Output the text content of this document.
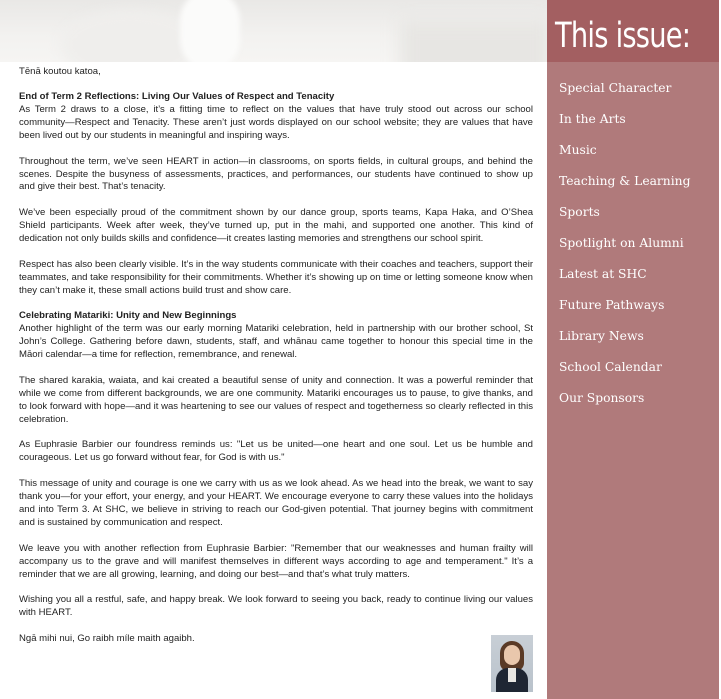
Tēnā koutou katoa,

End of Term 2 Reflections: Living Our Values of Respect and Tenacity

As Term 2 draws to a close, it’s a fitting time to reflect on the values that have truly stood out across our school community—Respect and Tenacity. These aren’t just words displayed on our school website; they are values that have been lived out by our students in meaningful and inspiring ways.

Throughout the term, we’ve seen HEART in action—in classrooms, on sports fields, in cultural groups, and behind the scenes. Despite the busyness of assessments, practices, and performances, our students have continued to show up and give their best. That’s tenacity.

We’ve been especially proud of the commitment shown by our dance group, sports teams, Kapa Haka, and O’Shea Shield participants. Week after week, they’ve turned up, put in the mahi, and supported one another. This kind of dedication not only builds skills and confidence—it creates lasting memories and strengthens our school spirit.

Respect has also been clearly visible. It’s in the way students communicate with their coaches and teachers, support their teammates, and take responsibility for their commitments. Whether it’s showing up on time or letting someone know when they can’t make it, these small actions build trust and show care.

Celebrating Matariki: Unity and New Beginnings

Another highlight of the term was our early morning Matariki celebration, held in partnership with our brother school, St John’s College. Gathering before dawn, students, staff, and whānau came together to honour this special time in the Māori calendar—a time for reflection, remembrance, and renewal.

The shared karakia, waiata, and kai created a beautiful sense of unity and connection. It was a powerful reminder that while we come from different backgrounds, we are one community. Matariki encourages us to pause, to give thanks, and to look forward with hope—and it was heartening to see our values of respect and togetherness so clearly reflected in this celebration.

As Euphrasie Barbier our foundress reminds us: "Let us be united—one heart and one soul. Let us be humble and courageous. Let us go forward without fear, for God is with us."

This message of unity and courage is one we carry with us as we look ahead. As we head into the break, we want to say thank you—for your effort, your energy, and your HEART. We encourage everyone to carry these values into the holidays and into Term 3. At SHC, we believe in striving to reach our God-given potential. That journey begins with commitment and is sustained by communication and respect.

We leave you with another reflection from Euphrasie Barbier: "Remember that our weaknesses and human frailty will accompany us to the grave and will manifest themselves in different ways according to age and temperament." It’s a reminder that we are all growing, learning, and doing our best—and that’s what truly matters.

Wishing you all a restful, safe, and happy break. We look forward to seeing you back, ready to continue living our values with HEART.

Ngā mihi nui, Go raibh míle maith agaibh.

This issue:
Special Character
In the Arts
Music
Teaching & Learning
Sports
Spotlight on Alumni
Latest at SHC
Future Pathways
Library News
School Calendar
Our Sponsors
